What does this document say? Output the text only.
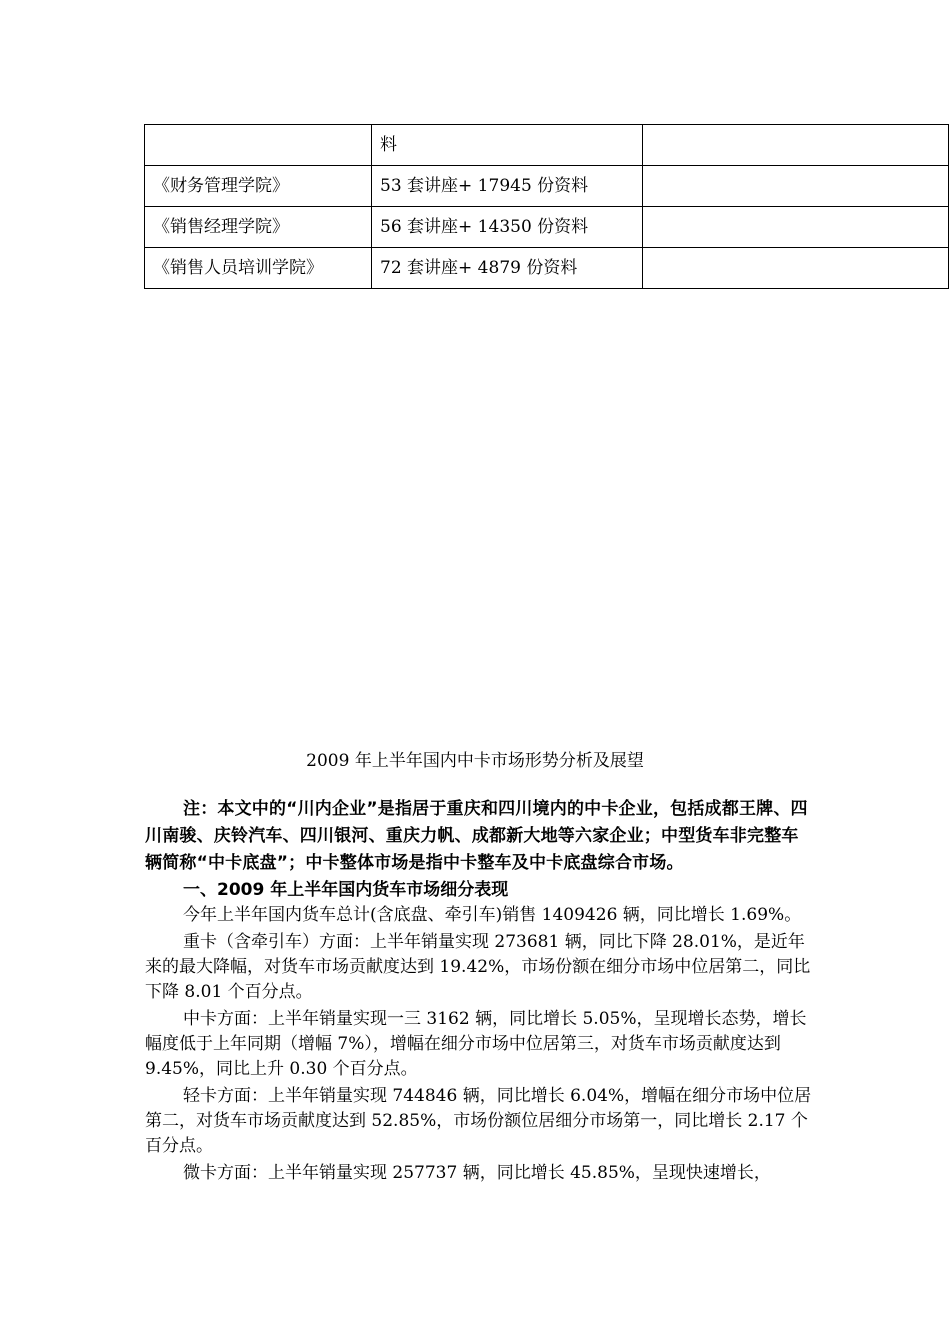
	料	
《财务管理学院》	53 套讲座+ 17945 份资料	
《销售经理学院》	56 套讲座+ 14350 份资料	
《销售人员培训学院》	72 套讲座+ 4879 份资料	
2009 年上半年国内中卡市场形势分析及展望

注：本文中的“川内企业”是指居于重庆和四川境内的中卡企业，包括成都王牌、四川南骏、庆铃汽车、四川银河、重庆力帆、成都新大地等六家企业；中型货车非完整车辆简称“中卡底盘”；中卡整体市场是指中卡整车及中卡底盘综合市场。

一、2009 年上半年国内货车市场细分表现

今年上半年国内货车总计(含底盘、牵引车)销售 1409426 辆，同比增长 1.69%。

重卡（含牵引车）方面：上半年销量实现 273681 辆，同比下降 28.01%，是近年来的最大降幅，对货车市场贡献度达到 19.42%，市场份额在细分市场中位居第二，同比下降 8.01 个百分点。

中卡方面：上半年销量实现一三 3162 辆，同比增长 5.05%，呈现增长态势，增长幅度低于上年同期（增幅 7%），增幅在细分市场中位居第三，对货车市场贡献度达到 9.45%，同比上升 0.30 个百分点。

轻卡方面：上半年销量实现 744846 辆，同比增长 6.04%，增幅在细分市场中位居第二，对货车市场贡献度达到 52.85%，市场份额位居细分市场第一，同比增长 2.17 个百分点。

微卡方面：上半年销量实现 257737 辆，同比增长 45.85%，呈现快速增长，
